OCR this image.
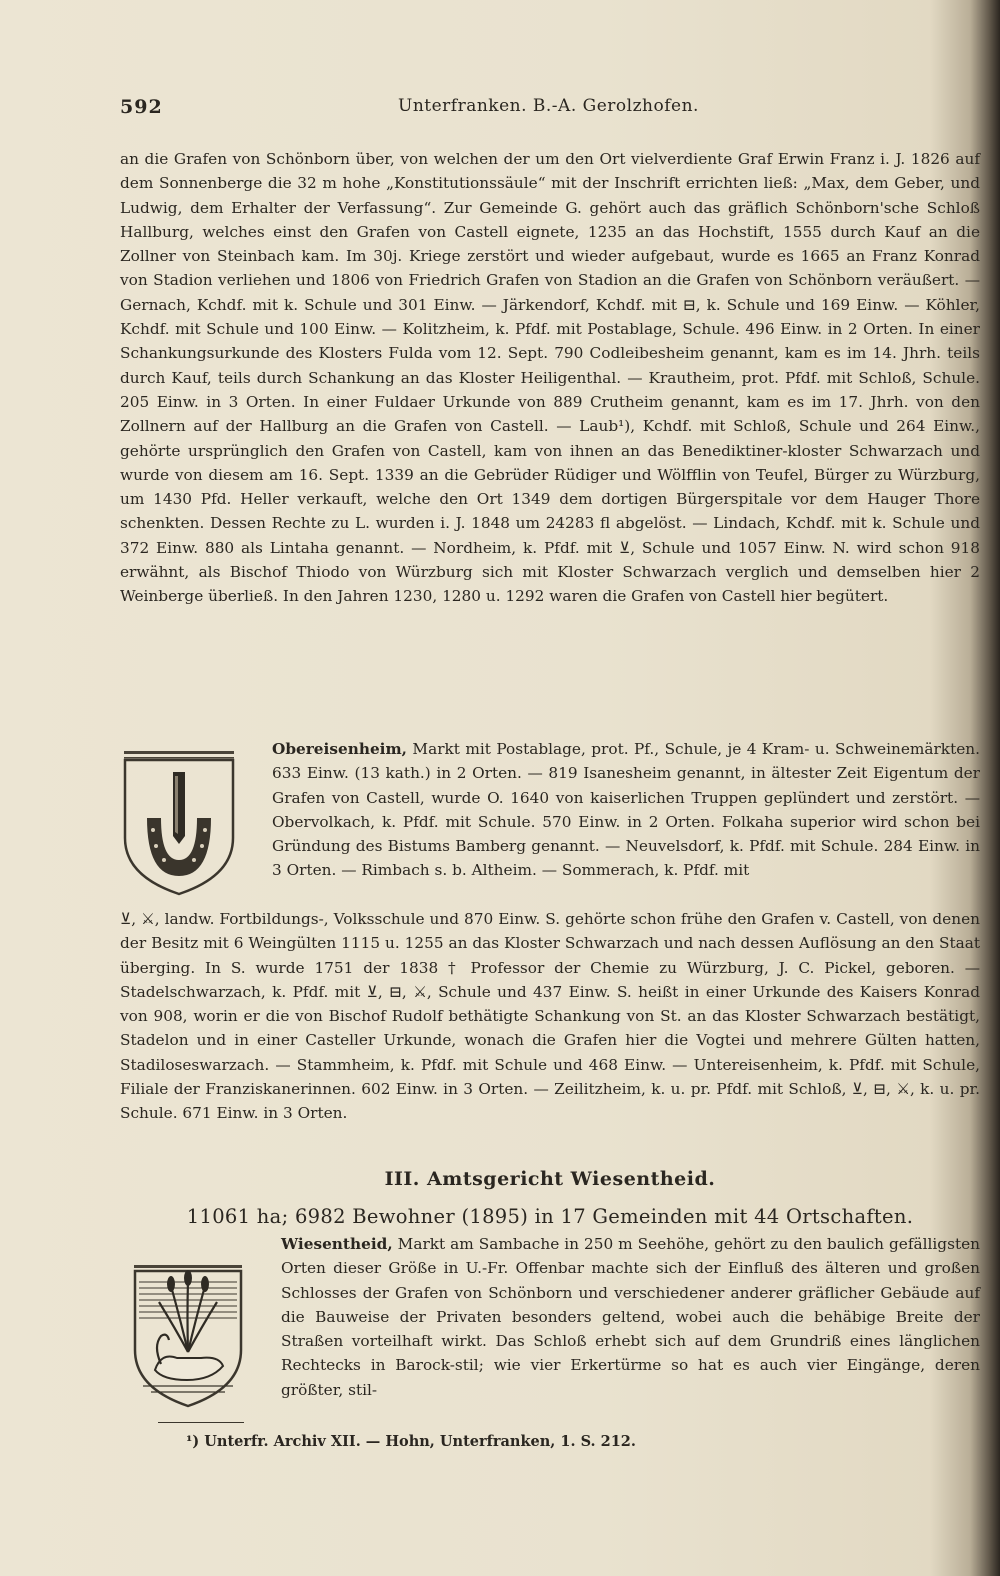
592	Unterfranken. B.-A. Gerolzhofen.

an die Grafen von Schönborn über, von welchen der um den Ort vielverdiente Graf Erwin Franz i. J. 1826 auf dem Sonnenberge die 32 m hohe „Konstitutionssäule“ mit der Inschrift errichten ließ: „Max, dem Geber, und Ludwig, dem Erhalter der Verfassung“. Zur Gemeinde G. gehört auch das gräflich Schönborn'sche Schloß Hallburg, welches einst den Grafen von Castell eignete, 1235 an das Hochstift, 1555 durch Kauf an die Zollner von Steinbach kam. Im 30j. Kriege zerstört und wieder aufgebaut, wurde es 1665 an Franz Konrad von Stadion verliehen und 1806 von Friedrich Grafen von Stadion an die Grafen von Schönborn veräußert. — Gernach, Kchdf. mit k. Schule und 301 Einw. — Järkendorf, Kchdf. mit ⊟, k. Schule und 169 Einw. — Köhler, Kchdf. mit Schule und 100 Einw. — Kolitzheim, k. Pfdf. mit Postablage, Schule. 496 Einw. in 2 Orten. In einer Schankungsurkunde des Klosters Fulda vom 12. Sept. 790 Codleibesheim genannt, kam es im 14. Jhrh. teils durch Kauf, teils durch Schankung an das Kloster Heiligenthal. — Krautheim, prot. Pfdf. mit Schloß, Schule. 205 Einw. in 3 Orten. In einer Fuldaer Urkunde von 889 Crutheim genannt, kam es im 17. Jhrh. von den Zollnern auf der Hallburg an die Grafen von Castell. — Laub¹), Kchdf. mit Schloß, Schule und 264 Einw., gehörte ursprünglich den Grafen von Castell, kam von ihnen an das Benediktiner-kloster Schwarzach und wurde von diesem am 16. Sept. 1339 an die Gebrüder Rüdiger und Wölfflin von Teufel, Bürger zu Würzburg, um 1430 Pfd. Heller verkauft, welche den Ort 1349 dem dortigen Bürgerspitale vor dem Hauger Thore schenkten. Dessen Rechte zu L. wurden i. J. 1848 um 24283 fl abgelöst. — Lindach, Kchdf. mit k. Schule und 372 Einw. 880 als Lintaha genannt. — Nordheim, k. Pfdf. mit ⊻, Schule und 1057 Einw. N. wird schon 918 erwähnt, als Bischof Thiodo von Würzburg sich mit Kloster Schwarzach verglich und demselben hier 2 Weinberge überließ. In den Jahren 1230, 1280 u. 1292 waren die Grafen von Castell hier begütert.

Obereisenheim, Markt mit Postablage, prot. Pf., Schule, je 4 Kram- u. Schweinemärkten. 633 Einw. (13 kath.) in 2 Orten. — 819 Isanesheim genannt, in ältester Zeit Eigentum der Grafen von Castell, wurde O. 1640 von kaiserlichen Truppen geplündert und zerstört. — Obervolkach, k. Pfdf. mit Schule. 570 Einw. in 2 Orten. Folkaha superior wird schon bei Gründung des Bistums Bamberg genannt. — Neuvelsdorf, k. Pfdf. mit Schule. 284 Einw. in 3 Orten. — Rimbach s. b. Altheim. — Sommerach, k. Pfdf. mit
⊻, ⚔, landw. Fortbildungs-, Volksschule und 870 Einw. S. gehörte schon frühe den Grafen v. Castell, von denen der Besitz mit 6 Weingülten 1115 u. 1255 an das Kloster Schwarzach und nach dessen Auflösung an den Staat überging. In S. wurde 1751 der 1838 † Professor der Chemie zu Würzburg, J. C. Pickel, geboren. — Stadelschwarzach, k. Pfdf. mit ⊻, ⊟, ⚔, Schule und 437 Einw. S. heißt in einer Urkunde des Kaisers Konrad von 908, worin er die von Bischof Rudolf bethätigte Schankung von St. an das Kloster Schwarzach bestätigt, Stadelon und in einer Casteller Urkunde, wonach die Grafen hier die Vogtei und mehrere Gülten hatten, Stadiloseswarzach. — Stammheim, k. Pfdf. mit Schule und 468 Einw. — Untereisenheim, k. Pfdf. mit Schule, Filiale der Franziskanerinnen. 602 Einw. in 3 Orten. — Zeilitzheim, k. u. pr. Pfdf. mit Schloß, ⊻, ⊟, ⚔, k. u. pr. Schule. 671 Einw. in 3 Orten.
III. Amtsgericht Wiesentheid.
11061 ha; 6982 Bewohner (1895) in 17 Gemeinden mit 44 Ortschaften.
Wiesentheid, Markt am Sambache in 250 m Seehöhe, gehört zu den baulich gefälligsten Orten dieser Größe in U.-Fr. Offenbar machte sich der Einfluß des älteren und großen Schlosses der Grafen von Schönborn und verschiedener anderer gräflicher Gebäude auf die Bauweise der Privaten besonders geltend, wobei auch die behäbige Breite der Straßen vorteilhaft wirkt. Das Schloß erhebt sich auf dem Grundriß eines länglichen Rechtecks in Barock-stil; wie vier Erkertürme so hat es auch vier Eingänge, deren größter, stil-
¹) Unterfr. Archiv XII. — Hohn, Unterfranken, 1. S. 212.
